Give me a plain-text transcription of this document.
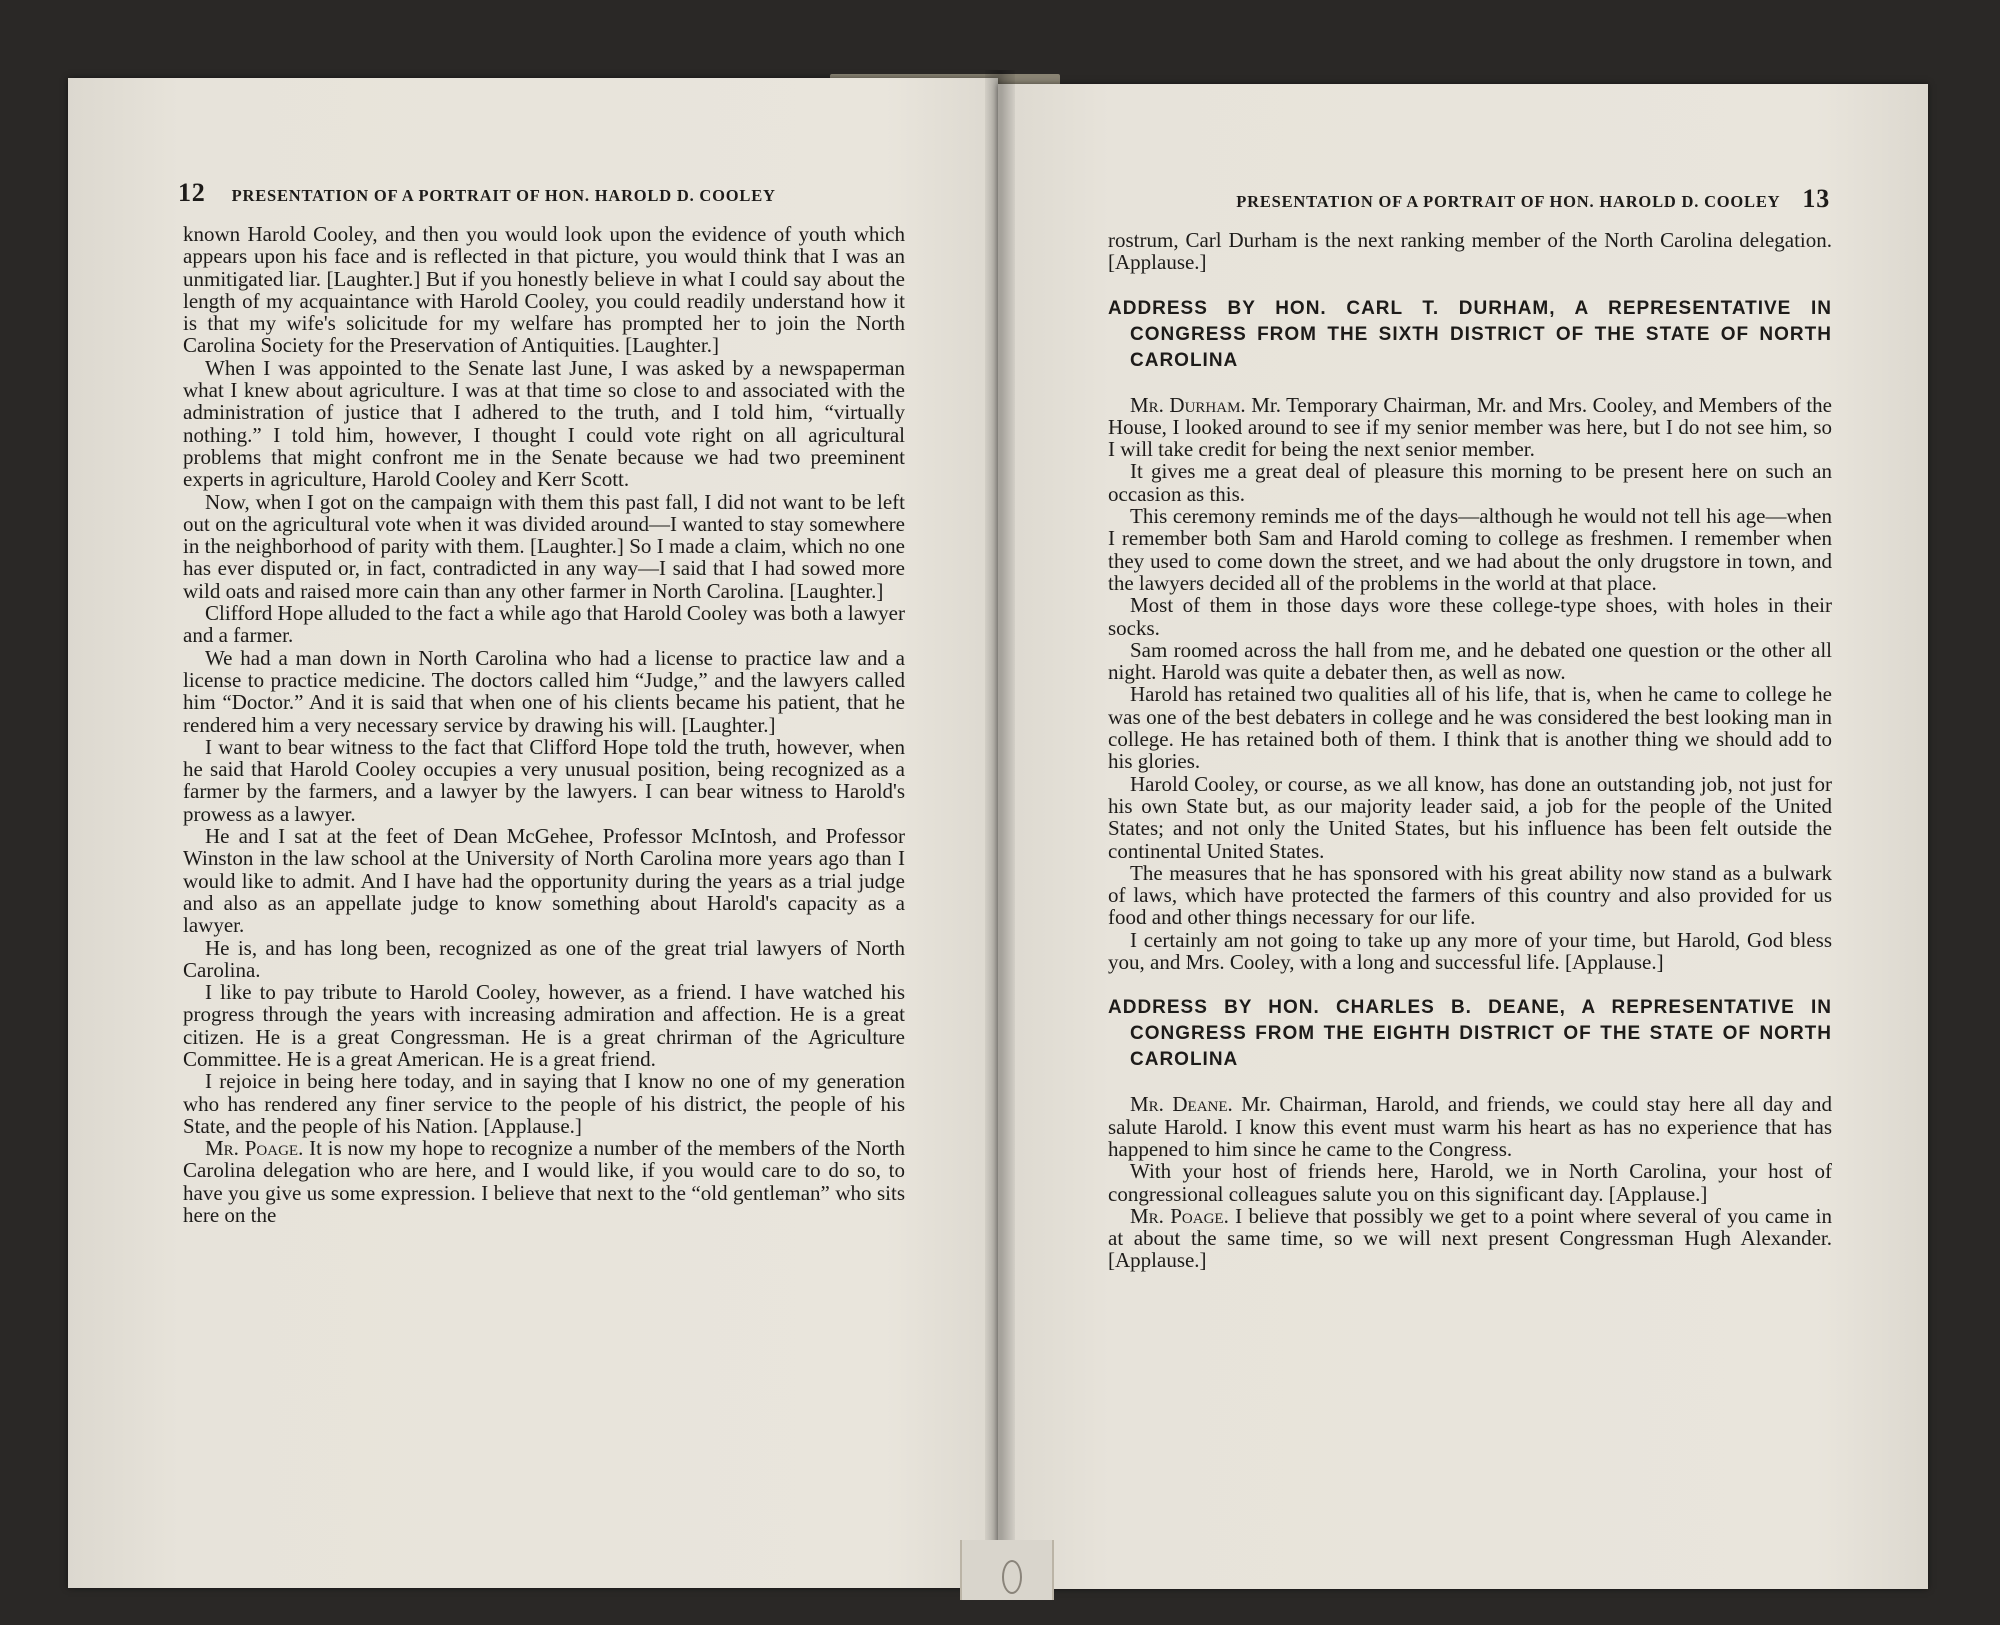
12 PRESENTATION OF A PORTRAIT OF HON. HAROLD D. COOLEY

known Harold Cooley, and then you would look upon the evidence of youth which appears upon his face and is reflected in that picture, you would think that I was an unmitigated liar. [Laughter.] But if you honestly believe in what I could say about the length of my acquaintance with Harold Cooley, you could readily understand how it is that my wife's solicitude for my welfare has prompted her to join the North Carolina Society for the Preservation of Antiquities. [Laughter.]

When I was appointed to the Senate last June, I was asked by a newspaperman what I knew about agriculture. I was at that time so close to and associated with the administration of justice that I adhered to the truth, and I told him, “virtually nothing.” I told him, however, I thought I could vote right on all agricultural problems that might confront me in the Senate because we had two preeminent experts in agriculture, Harold Cooley and Kerr Scott.

Now, when I got on the campaign with them this past fall, I did not want to be left out on the agricultural vote when it was divided around—I wanted to stay somewhere in the neighborhood of parity with them. [Laughter.] So I made a claim, which no one has ever disputed or, in fact, contradicted in any way—I said that I had sowed more wild oats and raised more cain than any other farmer in North Carolina. [Laughter.]

Clifford Hope alluded to the fact a while ago that Harold Cooley was both a lawyer and a farmer.

We had a man down in North Carolina who had a license to practice law and a license to practice medicine. The doctors called him “Judge,” and the lawyers called him “Doctor.” And it is said that when one of his clients became his patient, that he rendered him a very necessary service by drawing his will. [Laughter.]

I want to bear witness to the fact that Clifford Hope told the truth, however, when he said that Harold Cooley occupies a very unusual position, being recognized as a farmer by the farmers, and a lawyer by the lawyers. I can bear witness to Harold's prowess as a lawyer.

He and I sat at the feet of Dean McGehee, Professor McIntosh, and Professor Winston in the law school at the University of North Carolina more years ago than I would like to admit. And I have had the opportunity during the years as a trial judge and also as an appellate judge to know something about Harold's capacity as a lawyer.

He is, and has long been, recognized as one of the great trial lawyers of North Carolina.

I like to pay tribute to Harold Cooley, however, as a friend. I have watched his progress through the years with increasing admiration and affection. He is a great citizen. He is a great Congressman. He is a great chrirman of the Agriculture Committee. He is a great American. He is a great friend.

I rejoice in being here today, and in saying that I know no one of my generation who has rendered any finer service to the people of his district, the people of his State, and the people of his Nation. [Applause.]

Mr. Poage. It is now my hope to recognize a number of the members of the North Carolina delegation who are here, and I would like, if you would care to do so, to have you give us some expression. I believe that next to the “old gentleman” who sits here on the

PRESENTATION OF A PORTRAIT OF HON. HAROLD D. COOLEY 13

rostrum, Carl Durham is the next ranking member of the North Carolina delegation. [Applause.]

ADDRESS BY HON. CARL T. DURHAM, A REPRESENTATIVE IN CONGRESS FROM THE SIXTH DISTRICT OF THE STATE OF NORTH CAROLINA

Mr. Durham. Mr. Temporary Chairman, Mr. and Mrs. Cooley, and Members of the House, I looked around to see if my senior member was here, but I do not see him, so I will take credit for being the next senior member.

It gives me a great deal of pleasure this morning to be present here on such an occasion as this.

This ceremony reminds me of the days—although he would not tell his age—when I remember both Sam and Harold coming to college as freshmen. I remember when they used to come down the street, and we had about the only drugstore in town, and the lawyers decided all of the problems in the world at that place.

Most of them in those days wore these college-type shoes, with holes in their socks.

Sam roomed across the hall from me, and he debated one question or the other all night. Harold was quite a debater then, as well as now.

Harold has retained two qualities all of his life, that is, when he came to college he was one of the best debaters in college and he was considered the best looking man in college. He has retained both of them. I think that is another thing we should add to his glories.

Harold Cooley, or course, as we all know, has done an outstanding job, not just for his own State but, as our majority leader said, a job for the people of the United States; and not only the United States, but his influence has been felt outside the continental United States.

The measures that he has sponsored with his great ability now stand as a bulwark of laws, which have protected the farmers of this country and also provided for us food and other things necessary for our life.

I certainly am not going to take up any more of your time, but Harold, God bless you, and Mrs. Cooley, with a long and successful life. [Applause.]

ADDRESS BY HON. CHARLES B. DEANE, A REPRESENTATIVE IN CONGRESS FROM THE EIGHTH DISTRICT OF THE STATE OF NORTH CAROLINA

Mr. Deane. Mr. Chairman, Harold, and friends, we could stay here all day and salute Harold. I know this event must warm his heart as has no experience that has happened to him since he came to the Congress.

With your host of friends here, Harold, we in North Carolina, your host of congressional colleagues salute you on this significant day. [Applause.]

Mr. Poage. I believe that possibly we get to a point where several of you came in at about the same time, so we will next present Congressman Hugh Alexander. [Applause.]
